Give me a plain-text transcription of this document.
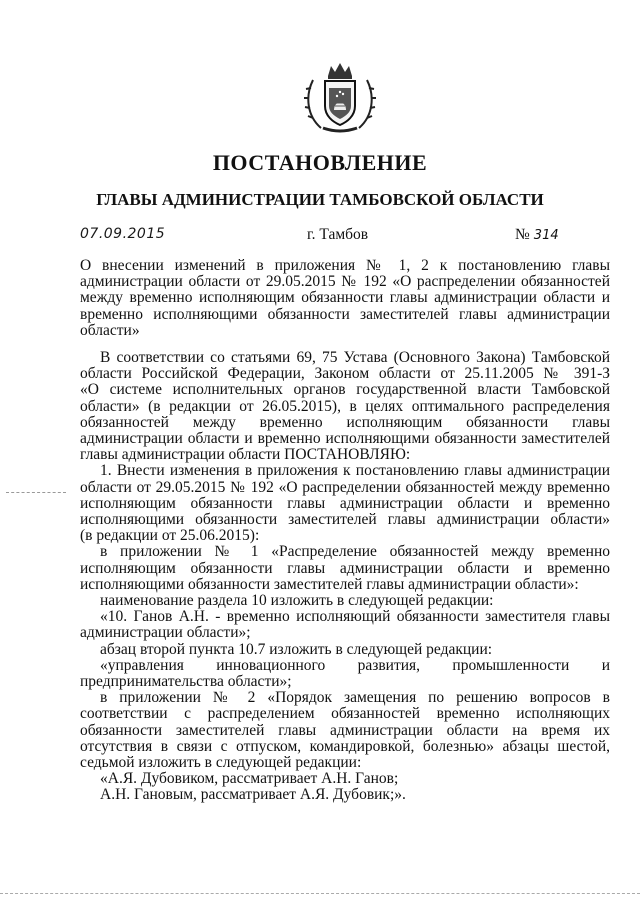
ПОСТАНОВЛЕНИЕ
ГЛАВЫ АДМИНИСТРАЦИИ ТАМБОВСКОЙ ОБЛАСТИ
07.09.2015	г. Тамбов	№ 314
О внесении изменений в приложения № 1, 2 к постановлению главы
администрации области от 29.05.2015 № 192 «О распределении обязанностей
между временно исполняющим обязанности главы администрации области и
временно исполняющими обязанности заместителей главы администрации
области»

В соответствии со статьями 69, 75 Устава (Основного Закона) Тамбовской

области Российской Федерации, Законом области от 25.11.2005 № 391-З

«О системе исполнительных органов государственной власти Тамбовской

области» (в редакции от 26.05.2015), в целях оптимального распределения

обязанностей между временно исполняющим обязанности главы

администрации области и временно исполняющими обязанности заместителей

главы администрации области ПОСТАНОВЛЯЮ:

1. Внести изменения в приложения к постановлению главы администрации

области от 29.05.2015 № 192 «О распределении обязанностей между временно

исполняющим обязанности главы администрации области и временно

исполняющими обязанности заместителей главы администрации области»

(в редакции от 25.06.2015):

в приложении № 1 «Распределение обязанностей между временно

исполняющим обязанности главы администрации области и временно

исполняющими обязанности заместителей главы администрации области»:

наименование раздела 10 изложить в следующей редакции:

«10. Ганов А.Н. - временно исполняющий обязанности заместителя главы

администрации области»;

абзац второй пункта 10.7 изложить в следующей редакции:

«управления инновационного развития, промышленности и

предпринимательства области»;

в приложении № 2 «Порядок замещения по решению вопросов в

соответствии с распределением обязанностей временно исполняющих

обязанности заместителей главы администрации области на время их

отсутствия в связи с отпуском, командировкой, болезнью» абзацы шестой,

седьмой изложить в следующей редакции:

«А.Я. Дубовиком, рассматривает А.Н. Ганов;

А.Н. Гановым, рассматривает А.Я. Дубовик;».
